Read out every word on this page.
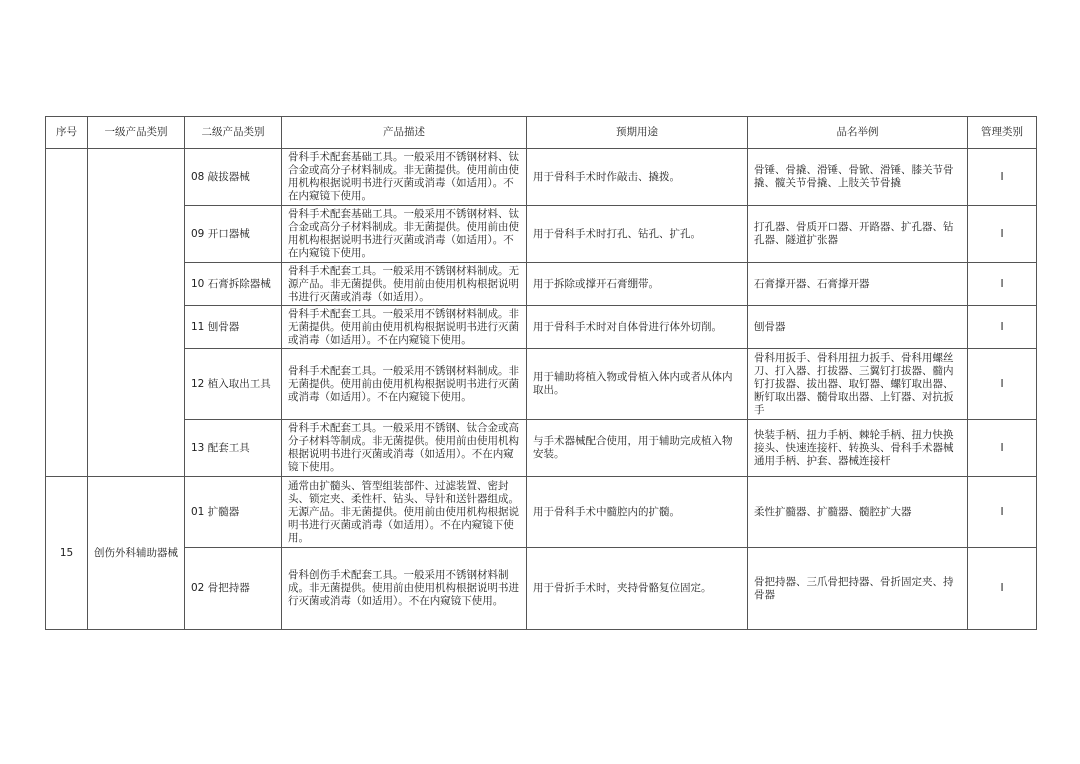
序号	一级产品类别	二级产品类别	产品描述	预期用途	品名举例	管理类别
		08 敲拔器械	骨科手术配套基础工具。一般采用不锈钢材料、钛合金或高分子材料制成。非无菌提供。使用前由使用机构根据说明书进行灭菌或消毒（如适用）。不在内窥镜下使用。	用于骨科手术时作敲击、撬拨。	骨锤、骨撬、滑锤、骨锨、滑锤、膝关节骨撬、髋关节骨撬、上肢关节骨撬	I
		09 开口器械	骨科手术配套基础工具。一般采用不锈钢材料、钛合金或高分子材料制成。非无菌提供。使用前由使用机构根据说明书进行灭菌或消毒（如适用）。不在内窥镜下使用。	用于骨科手术时打孔、钻孔、扩孔。	打孔器、骨质开口器、开路器、扩孔器、钻孔器、隧道扩张器	I
		10 石膏拆除器械	骨科手术配套工具。一般采用不锈钢材料制成。无源产品。非无菌提供。使用前由使用机构根据说明书进行灭菌或消毒（如适用）。	用于拆除或撑开石膏绷带。	石膏撑开器、石膏撑开器	I
		11 刨骨器	骨科手术配套工具。一般采用不锈钢材料制成。非无菌提供。使用前由使用机构根据说明书进行灭菌或消毒（如适用）。不在内窥镜下使用。	用于骨科手术时对自体骨进行体外切削。	刨骨器	I
		12 植入取出工具	骨科手术配套工具。一般采用不锈钢材料制成。非无菌提供。使用前由使用机构根据说明书进行灭菌或消毒（如适用）。不在内窥镜下使用。	用于辅助将植入物或骨植入体内或者从体内取出。	骨科用扳手、骨科用扭力扳手、骨科用螺丝刀、打入器、打拔器、三翼钉打拔器、髓内钉打拔器、拔出器、取钉器、螺钉取出器、断钉取出器、髓骨取出器、上钉器、对抗扳手	I
		13 配套工具	骨科手术配套工具。一般采用不锈钢、钛合金或高分子材料等制成。非无菌提供。使用前由使用机构根据说明书进行灭菌或消毒（如适用）。不在内窥镜下使用。	与手术器械配合使用，用于辅助完成植入物安装。	快装手柄、扭力手柄、棘轮手柄、扭力快换接头、快速连接杆、转换头、骨科手术器械通用手柄、护套、器械连接杆	I
15	创伤外科辅助器械	01 扩髓器	通常由扩髓头、管型组装部件、过滤装置、密封头、锁定夹、柔性杆、钻头、导针和送针器组成。无源产品。非无菌提供。使用前由使用机构根据说明书进行灭菌或消毒（如适用）。不在内窥镜下使用。	用于骨科手术中髓腔内的扩髓。	柔性扩髓器、扩髓器、髓腔扩大器	I
		02 骨把持器	骨科创伤手术配套工具。一般采用不锈钢材料制成。非无菌提供。使用前由使用机构根据说明书进行灭菌或消毒（如适用）。不在内窥镜下使用。	用于骨折手术时，夹持骨骼复位固定。	骨把持器、三爪骨把持器、骨折固定夹、持骨器	I
